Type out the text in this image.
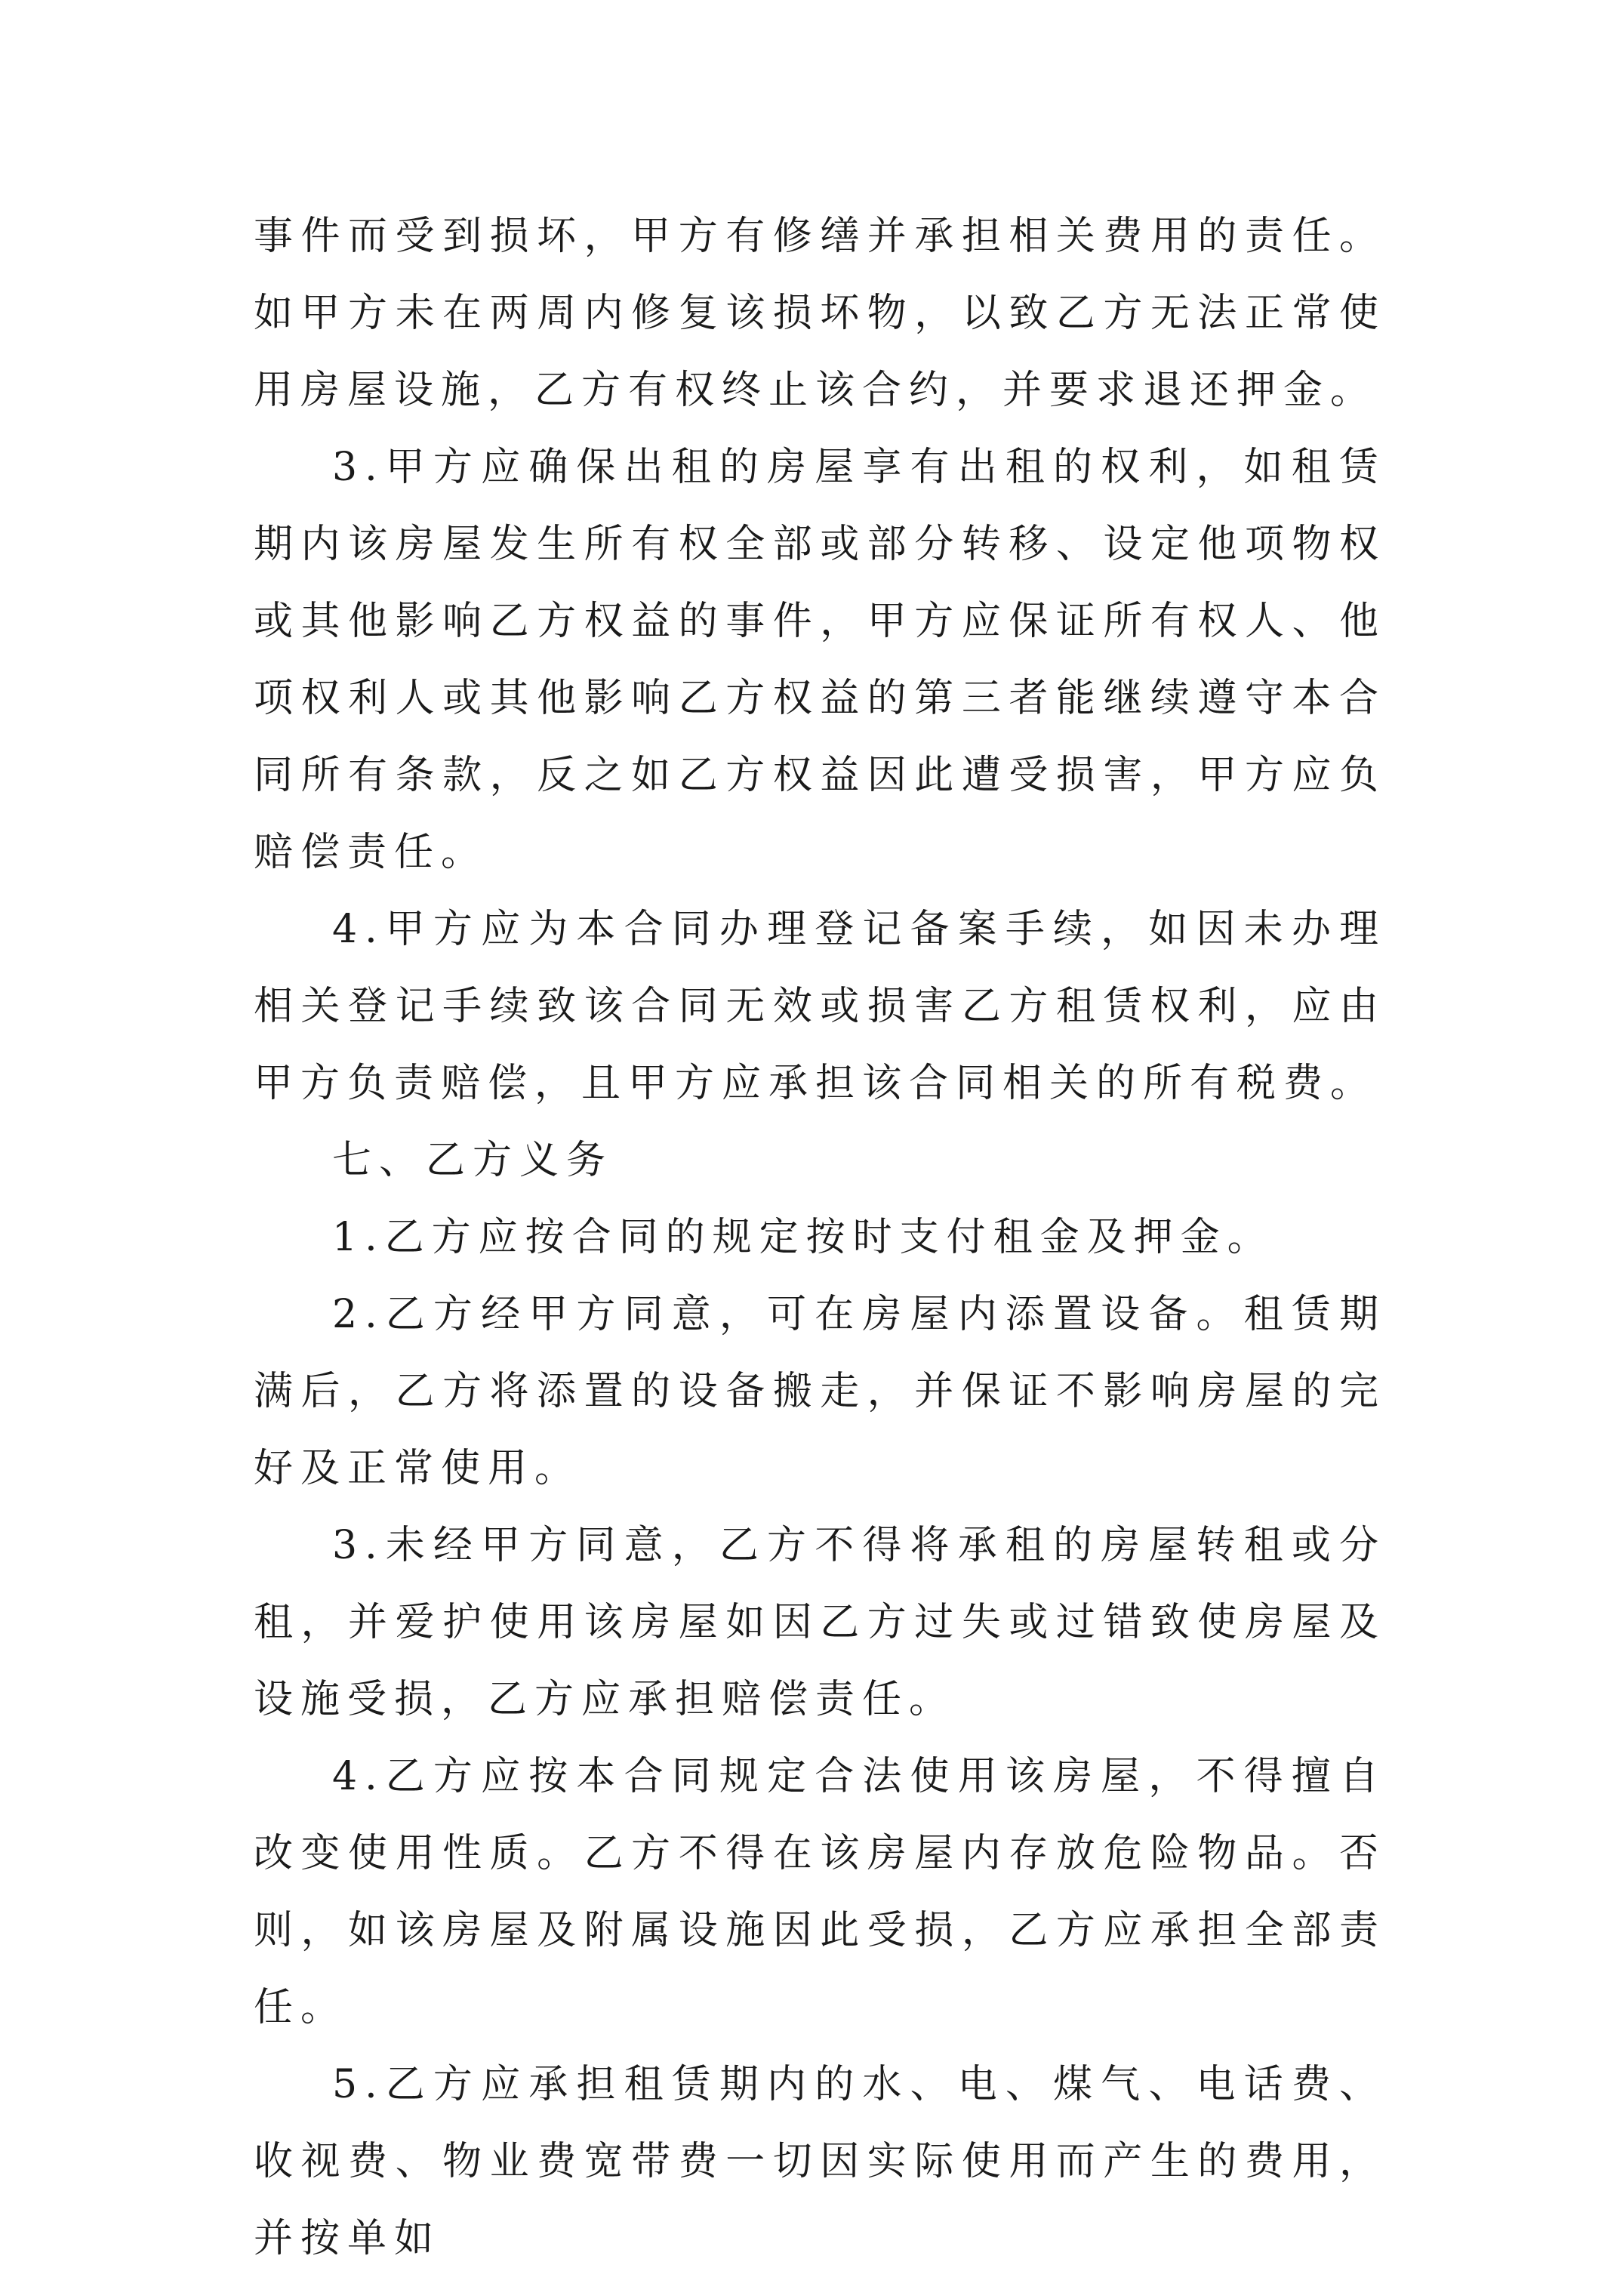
事件而受到损坏，甲方有修缮并承担相关费用的责任。如甲方未在两周内修复该损坏物，以致乙方无法正常使用房屋设施，乙方有权终止该合约，并要求退还押金。

3.甲方应确保出租的房屋享有出租的权利，如租赁期内该房屋发生所有权全部或部分转移、设定他项物权或其他影响乙方权益的事件，甲方应保证所有权人、他项权利人或其他影响乙方权益的第三者能继续遵守本合同所有条款，反之如乙方权益因此遭受损害，甲方应负赔偿责任。

4.甲方应为本合同办理登记备案手续，如因未办理相关登记手续致该合同无效或损害乙方租赁权利，应由甲方负责赔偿，且甲方应承担该合同相关的所有税费。

七、乙方义务

1.乙方应按合同的规定按时支付租金及押金。

2.乙方经甲方同意，可在房屋内添置设备。租赁期满后，乙方将添置的设备搬走，并保证不影响房屋的完好及正常使用。

3.未经甲方同意，乙方不得将承租的房屋转租或分租，并爱护使用该房屋如因乙方过失或过错致使房屋及设施受损，乙方应承担赔偿责任。

4.乙方应按本合同规定合法使用该房屋，不得擅自改变使用性质。乙方不得在该房屋内存放危险物品。否则，如该房屋及附属设施因此受损，乙方应承担全部责任。

5.乙方应承担租赁期内的水、电、煤气、电话费、收视费、物业费宽带费一切因实际使用而产生的费用，并按单如
